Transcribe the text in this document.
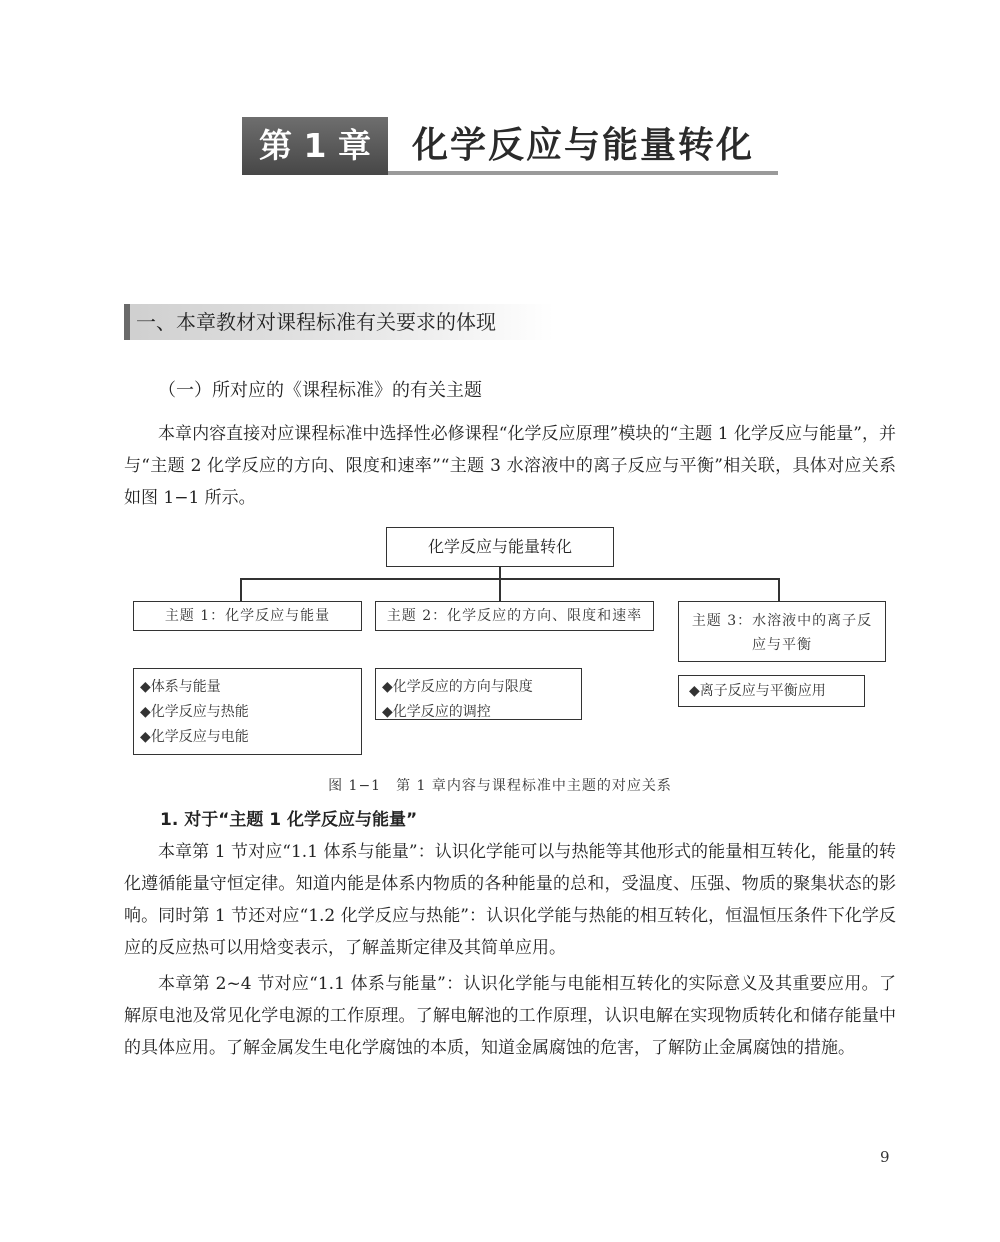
第 1 章	化学反应与能量转化
一、本章教材对课程标准有关要求的体现
（一）所对应的《课程标准》的有关主题
本章内容直接对应课程标准中选择性必修课程“化学反应原理”模块的“主题 1 化学反应与能量”，并与“主题 2 化学反应的方向、限度和速率”“主题 3 水溶液中的离子反应与平衡”相关联，具体对应关系如图 1−1 所示。
化学反应与能量转化
主题 1：化学反应与能量	主题 2：化学反应的方向、限度和速率	主题 3：水溶液中的离子反
应与平衡
◆体系与能量
◆化学反应与热能
◆化学反应与电能
◆化学反应的方向与限度
◆化学反应的调控
◆离子反应与平衡应用
图 1−1　第 1 章内容与课程标准中主题的对应关系
1. 对于“主题 1 化学反应与能量”
本章第 1 节对应“1.1 体系与能量”：认识化学能可以与热能等其他形式的能量相互转化，能量的转化遵循能量守恒定律。知道内能是体系内物质的各种能量的总和，受温度、压强、物质的聚集状态的影响。同时第 1 节还对应“1.2 化学反应与热能”：认识化学能与热能的相互转化，恒温恒压条件下化学反应的反应热可以用焓变表示，了解盖斯定律及其简单应用。
本章第 2~4 节对应“1.1 体系与能量”：认识化学能与电能相互转化的实际意义及其重要应用。了解原电池及常见化学电源的工作原理。了解电解池的工作原理，认识电解在实现物质转化和储存能量中的具体应用。了解金属发生电化学腐蚀的本质，知道金属腐蚀的危害，了解防止金属腐蚀的措施。
9
